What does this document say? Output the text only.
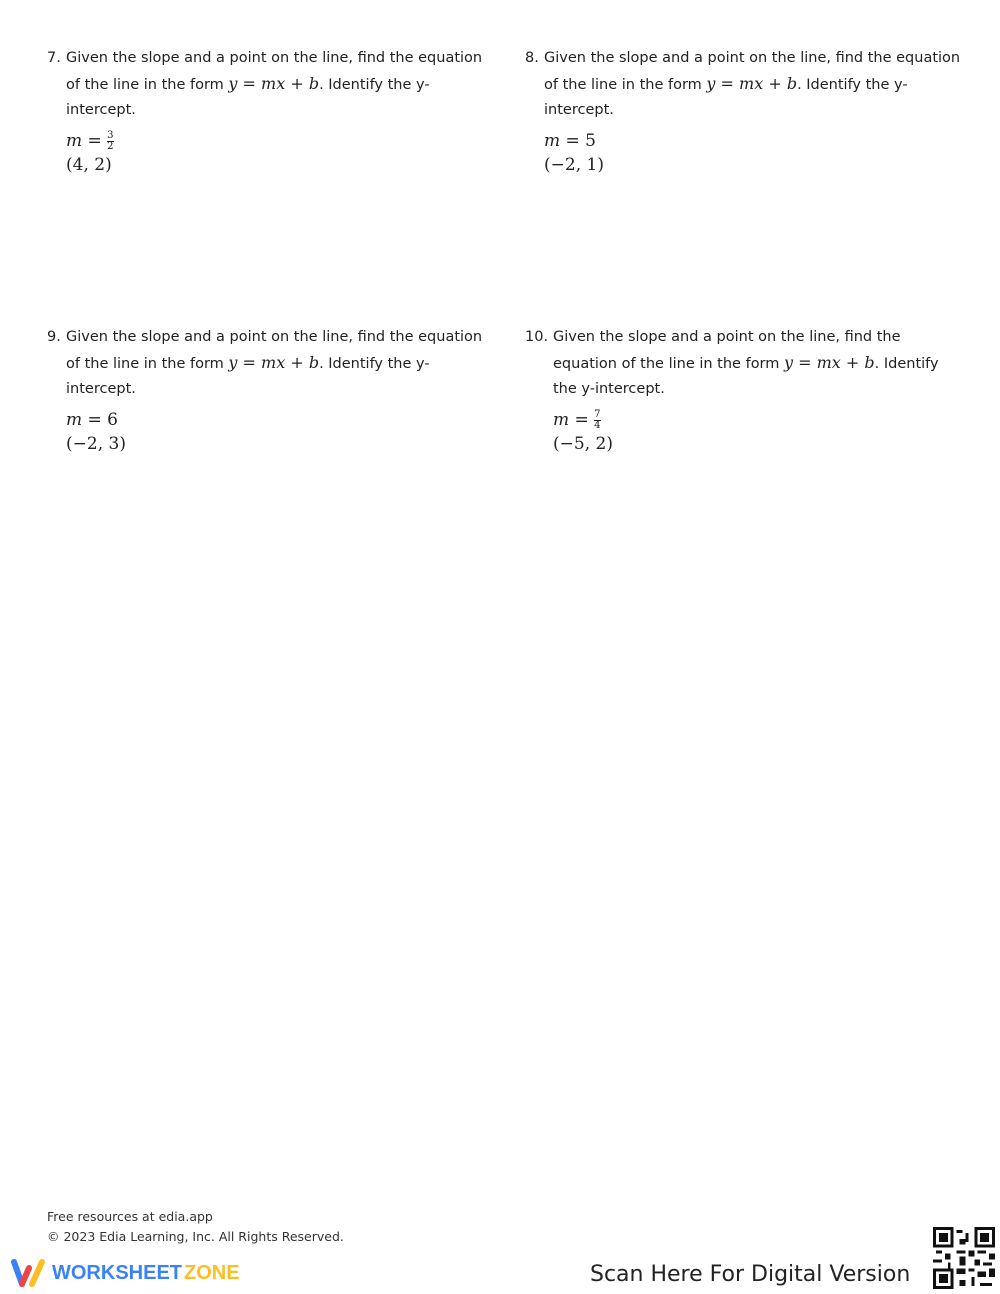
7. Given the slope and a point on the line, find the equation of the line in the form y = mx + b. Identify the y-intercept.
$m = \frac{3}{2}$

(4, 2)
8. Given the slope and a point on the line, find the equation of the line in the form y = mx + b. Identify the y-intercept.
m = 5
(−2, 1)
9. Given the slope and a point on the line, find the equation of the line in the form y = mx + b. Identify the y-intercept.
m = 6
(−2, 3)
10. Given the slope and a point on the line, find the equation of the line in the form y = mx + b. Identify the y-intercept.
$m = \frac{7}{4}$

(−5, 2)
Free resources at edia.app
© 2023 Edia Learning, Inc. All Rights Reserved.
WORKSHEET ZONE	Scan Here For Digital Version
